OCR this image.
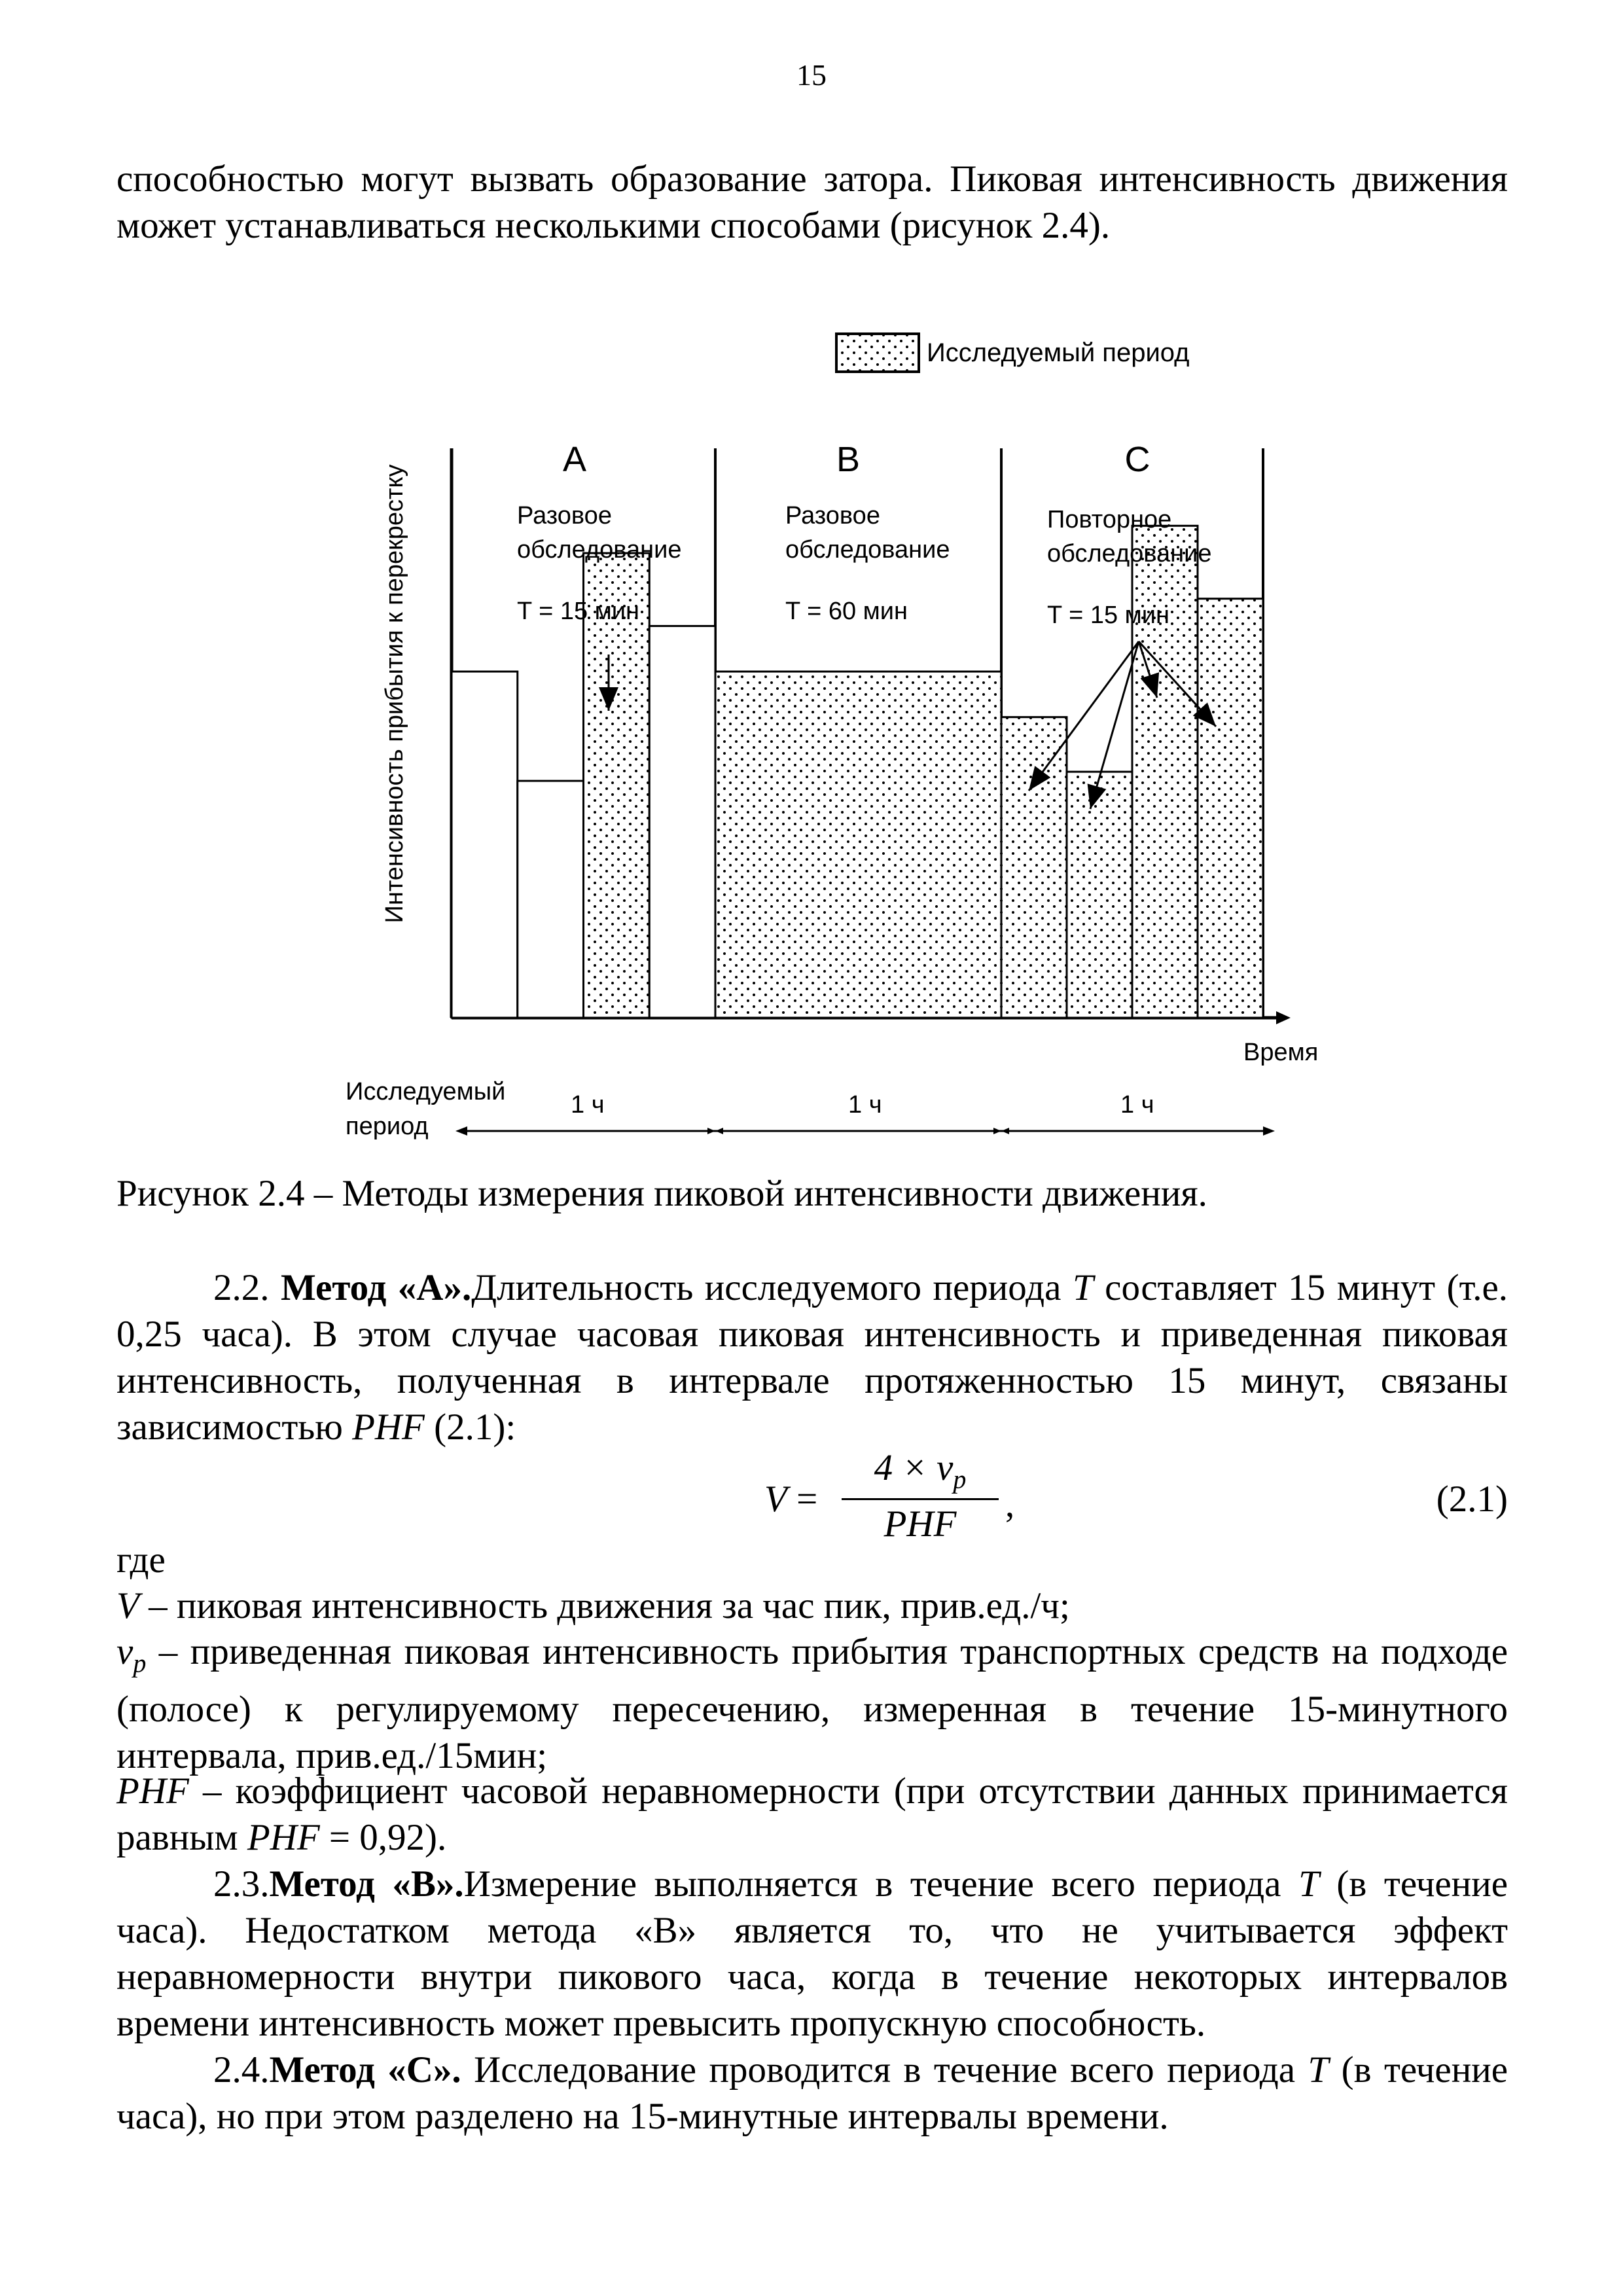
15
способностью могут вызвать образование затора. Пиковая интенсивность движения
может устанавливаться несколькими способами (рисунок 2.4).
Исследуемый период
A
Разовое
обследование
T = 15 мин
B
Разовое
обследование
T = 60 мин
C
Повторное
обследование
T = 15 мин
Интенсивность прибытия к перекрестку
Время
Исследуемый
период
1 ч	1 ч	1 ч
Рисунок 2.4 – Методы измерения пиковой интенсивности движения.
2.2. Метод «А».Длительность исследуемого периода T составляет 15 минут (т.е. 0,25 часа). В этом случае часовая пиковая интенсивность и приведенная пиковая интенсивность, полученная в интервале протяженностью 15 минут, связаны зависимостью PHF (2.1):
V =
$4 \times v_p$
PHF	,	(2.1)
где
V – пиковая интенсивность движения за час пик, прив.ед./ч;
$v_p$ – приведенная пиковая интенсивность прибытия транспортных средств на подходе (полосе) к регулируемому пересечению, измеренная в течение 15-минутного интервала, прив.ед./15мин;
PHF – коэффициент часовой неравномерности (при отсутствии данных принимается равным PHF = 0,92).
2.3.Метод «В».Измерение выполняется в течение всего периода T (в течение часа). Недостатком метода «В» является то, что не учитывается эффект неравномерности внутри пикового часа, когда в течение некоторых интервалов времени интенсивность может превысить пропускную способность.
2.4.Метод «С». Исследование проводится в течение всего периода T (в течение часа), но при этом разделено на 15-минутные интервалы времени.
